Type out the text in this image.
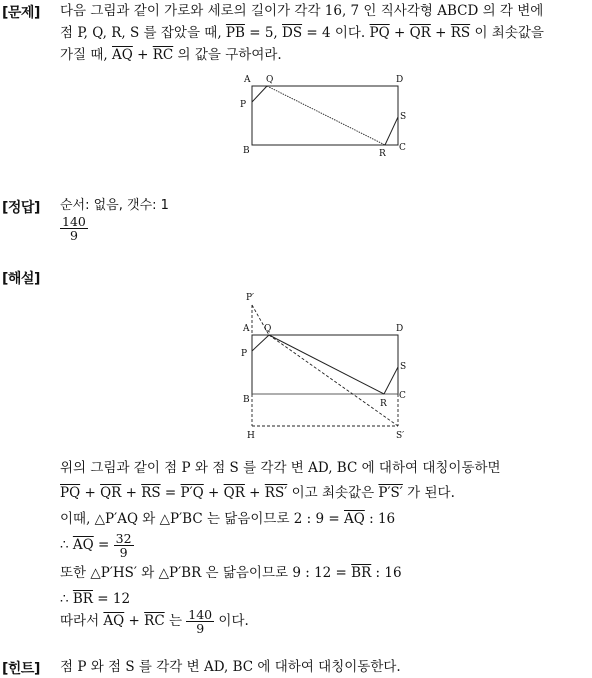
[문제] 다음 그림과 같이 가로와 세로의 길이가 각각 16, 7 인 직사각형 ABCD 의 각 변에
점 P, Q, R, S 를 잡았을 때, $\overline{PB} = 5$, $\overline{DS} = 4$ 이다. $\overline{PQ} + \overline{QR} + \overline{RS}$ 이 최솟값을
가질 때, $\overline{AQ} + \overline{RC}$ 의 값을 구하여라.
A Q	D
P
S
B	R
C
[정답] 순서: 없음, 갯수: 1
$\frac{140}{9}$
[해설]
P′
A Q	D
P
S
B	R
C
H	S′
위의 그림과 같이 점 P 와 점 S 를 각각 변 AD, BC 에 대하여 대칭이동하면
$\overline{PQ} + \overline{QR} + \overline{RS} = P'Q + \overline{QR} + RS'$ 이고 최솟값은 P′S′ 가 된다.
이때, △P′AQ 와 △P′BC 는 닮음이므로 2 : $9 = \overline{AQ}$ : 16
∴ $\overline{AQ} = \frac{32}{9}$
또한 △P′HS′ 와 △P′BR 은 닮음이므로 9 : $12 = \overline{BR}$ : 16
∴ $\overline{BR} = 12$
따라서 $\overline{AQ} + \overline{RC}$ 는 $\frac{140}{9}$ 이다.
[힌트] 점 P 와 점 S 를 각각 변 AD, BC 에 대하여 대칭이동한다.
